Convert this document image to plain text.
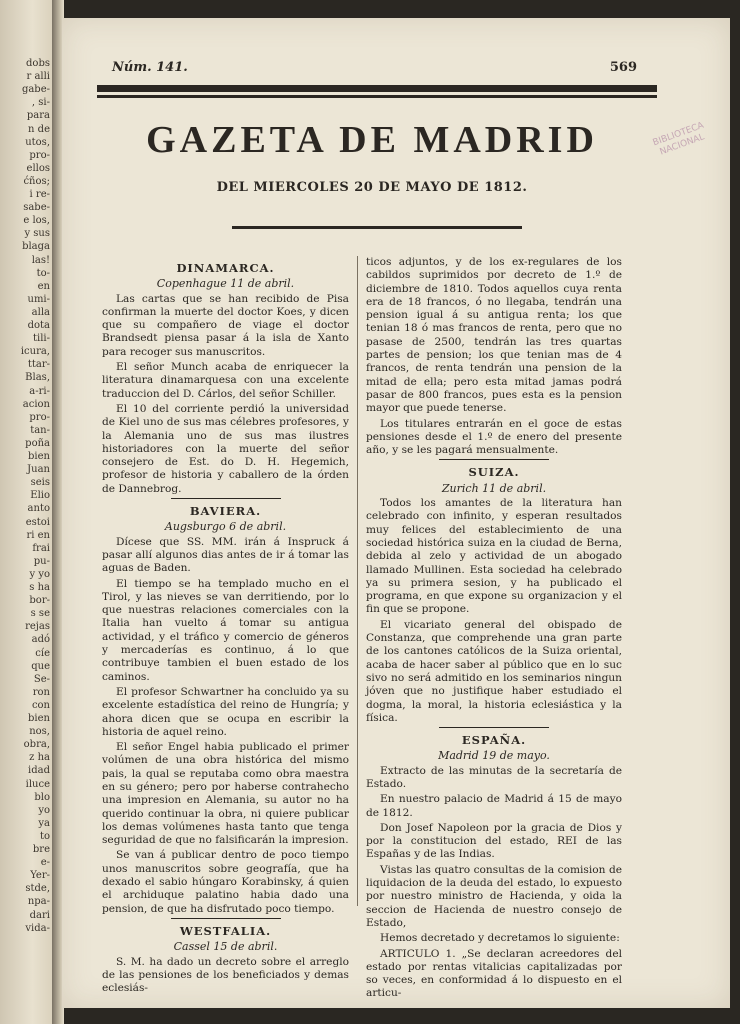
dobs
r alli
gabe-
, si-
para
n de
utos,
pro-
ellos
ćños;
i re-
sabe-
e los,
y sus
blaga
las!
to-
en
umi-
alla
dota
tili-
icura,
ttar-
Blas,
a-ri-
acion
pro-
tan-
poña
bien
Juan
seis
Elio
anto
estoi
ri en
frai
pu-
y yo
s ha
bor-
s se
rejas
adó
cíe
que
Se-
ron
con
bien
nos,
obra,
z ha
idad
iluce
blo
yo
ya
to
bre
e-
Yer-
stde,
npa-
dari
vida-
Núm. 141.	569
GAZETA DE MADRID
DEL MIERCOLES 20 DE MAYO DE 1812.
BIBLIOTECA NACIONAL
DINAMARCA.
Copenhague 11 de abril.

Las cartas que se han recibido de Pisa confirman la muerte del doctor Koes, y dicen que su compañero de viage el doctor Brandsedt piensa pasar á la isla de Xanto para recoger sus manuscritos.

El señor Munch acaba de enriquecer la literatura dinamarquesa con una excelente traduccion del D. Cárlos, del señor Schiller.

El 10 del corriente perdió la universidad de Kiel uno de sus mas célebres profesores, y la Alemania uno de sus mas ilustres historiadores con la muerte del señor consejero de Est. do D. H. Hegemich, profesor de historia y caballero de la órden de Dannebrog.

BAVIERA.
Augsburgo 6 de abril.

Dícese que SS. MM. irán á Inspruck á pasar allí algunos dias antes de ir á tomar las aguas de Baden.

El tiempo se ha templado mucho en el Tirol, y las nieves se van derritiendo, por lo que nuestras relaciones comerciales con la Italia han vuelto á tomar su antigua actividad, y el tráfico y comercio de géneros y mercaderías es continuo, á lo que contribuye tambien el buen estado de los caminos.

El profesor Schwartner ha concluido ya su excelente estadística del reino de Hungría; y ahora dicen que se ocupa en escribir la historia de aquel reino.

El señor Engel habia publicado el primer volúmen de una obra histórica del mismo pais, la qual se reputaba como obra maestra en su género; pero por haberse contrahecho una impresion en Alemania, su autor no ha querido continuar la obra, ni quiere publicar los demas volúmenes hasta tanto que tenga seguridad de que no falsificarán la impresion.

Se van á publicar dentro de poco tiempo unos manuscritos sobre geografía, que ha dexado el sabio húngaro Korabinsky, á quien el archiduque palatino habia dado una pension, de que ha disfrutado poco tiempo.

WESTFALIA.
Cassel 15 de abril.

S. M. ha dado un decreto sobre el arreglo de las pensiones de los beneficiados y demas eclesiás-

ticos adjuntos, y de los ex-regulares de los cabildos suprimidos por decreto de 1.º de diciembre de 1810. Todos aquellos cuya renta era de 18 francos, ó no llegaba, tendrán una pension igual á su antigua renta; los que tenian 18 ó mas francos de renta, pero que no pasase de 2500, tendrán las tres quartas partes de pension; los que tenian mas de 4 francos, de renta tendrán una pension de la mitad de ella; pero esta mitad jamas podrá pasar de 800 francos, pues esta es la pension mayor que puede tenerse.

Los titulares entrarán en el goce de estas pensiones desde el 1.º de enero del presente año, y se les pagará mensualmente.

SUIZA.
Zurich 11 de abril.

Todos los amantes de la literatura han celebrado con infinito, y esperan resultados muy felices del establecimiento de una sociedad histórica suiza en la ciudad de Berna, debida al zelo y actividad de un abogado llamado Mullinen. Esta sociedad ha celebrado ya su primera sesion, y ha publicado el programa, en que expone su organizacion y el fin que se propone.

El vicariato general del obispado de Constanza, que comprehende una gran parte de los cantones católicos de la Suiza oriental, acaba de hacer saber al público que en lo suc sivo no será admitido en los seminarios ningun jóven que no justifique haber estudiado el dogma, la moral, la historia eclesiástica y la física.

ESPAÑA.
Madrid 19 de mayo.

Extracto de las minutas de la secretaría de Estado.

En nuestro palacio de Madrid á 15 de mayo de 1812.

Don Josef Napoleon por la gracia de Dios y por la constitucion del estado, REI de las Españas y de las Indias.

Vistas las quatro consultas de la comision de liquidacion de la deuda del estado, lo expuesto por nuestro ministro de Hacienda, y oida la seccion de Hacienda de nuestro consejo de Estado,

Hemos decretado y decretamos lo siguiente:

ARTICULO 1. „Se declaran acreedores del estado por rentas vitalicias capitalizadas por so veces, en conformidad á lo dispuesto en el articu-
